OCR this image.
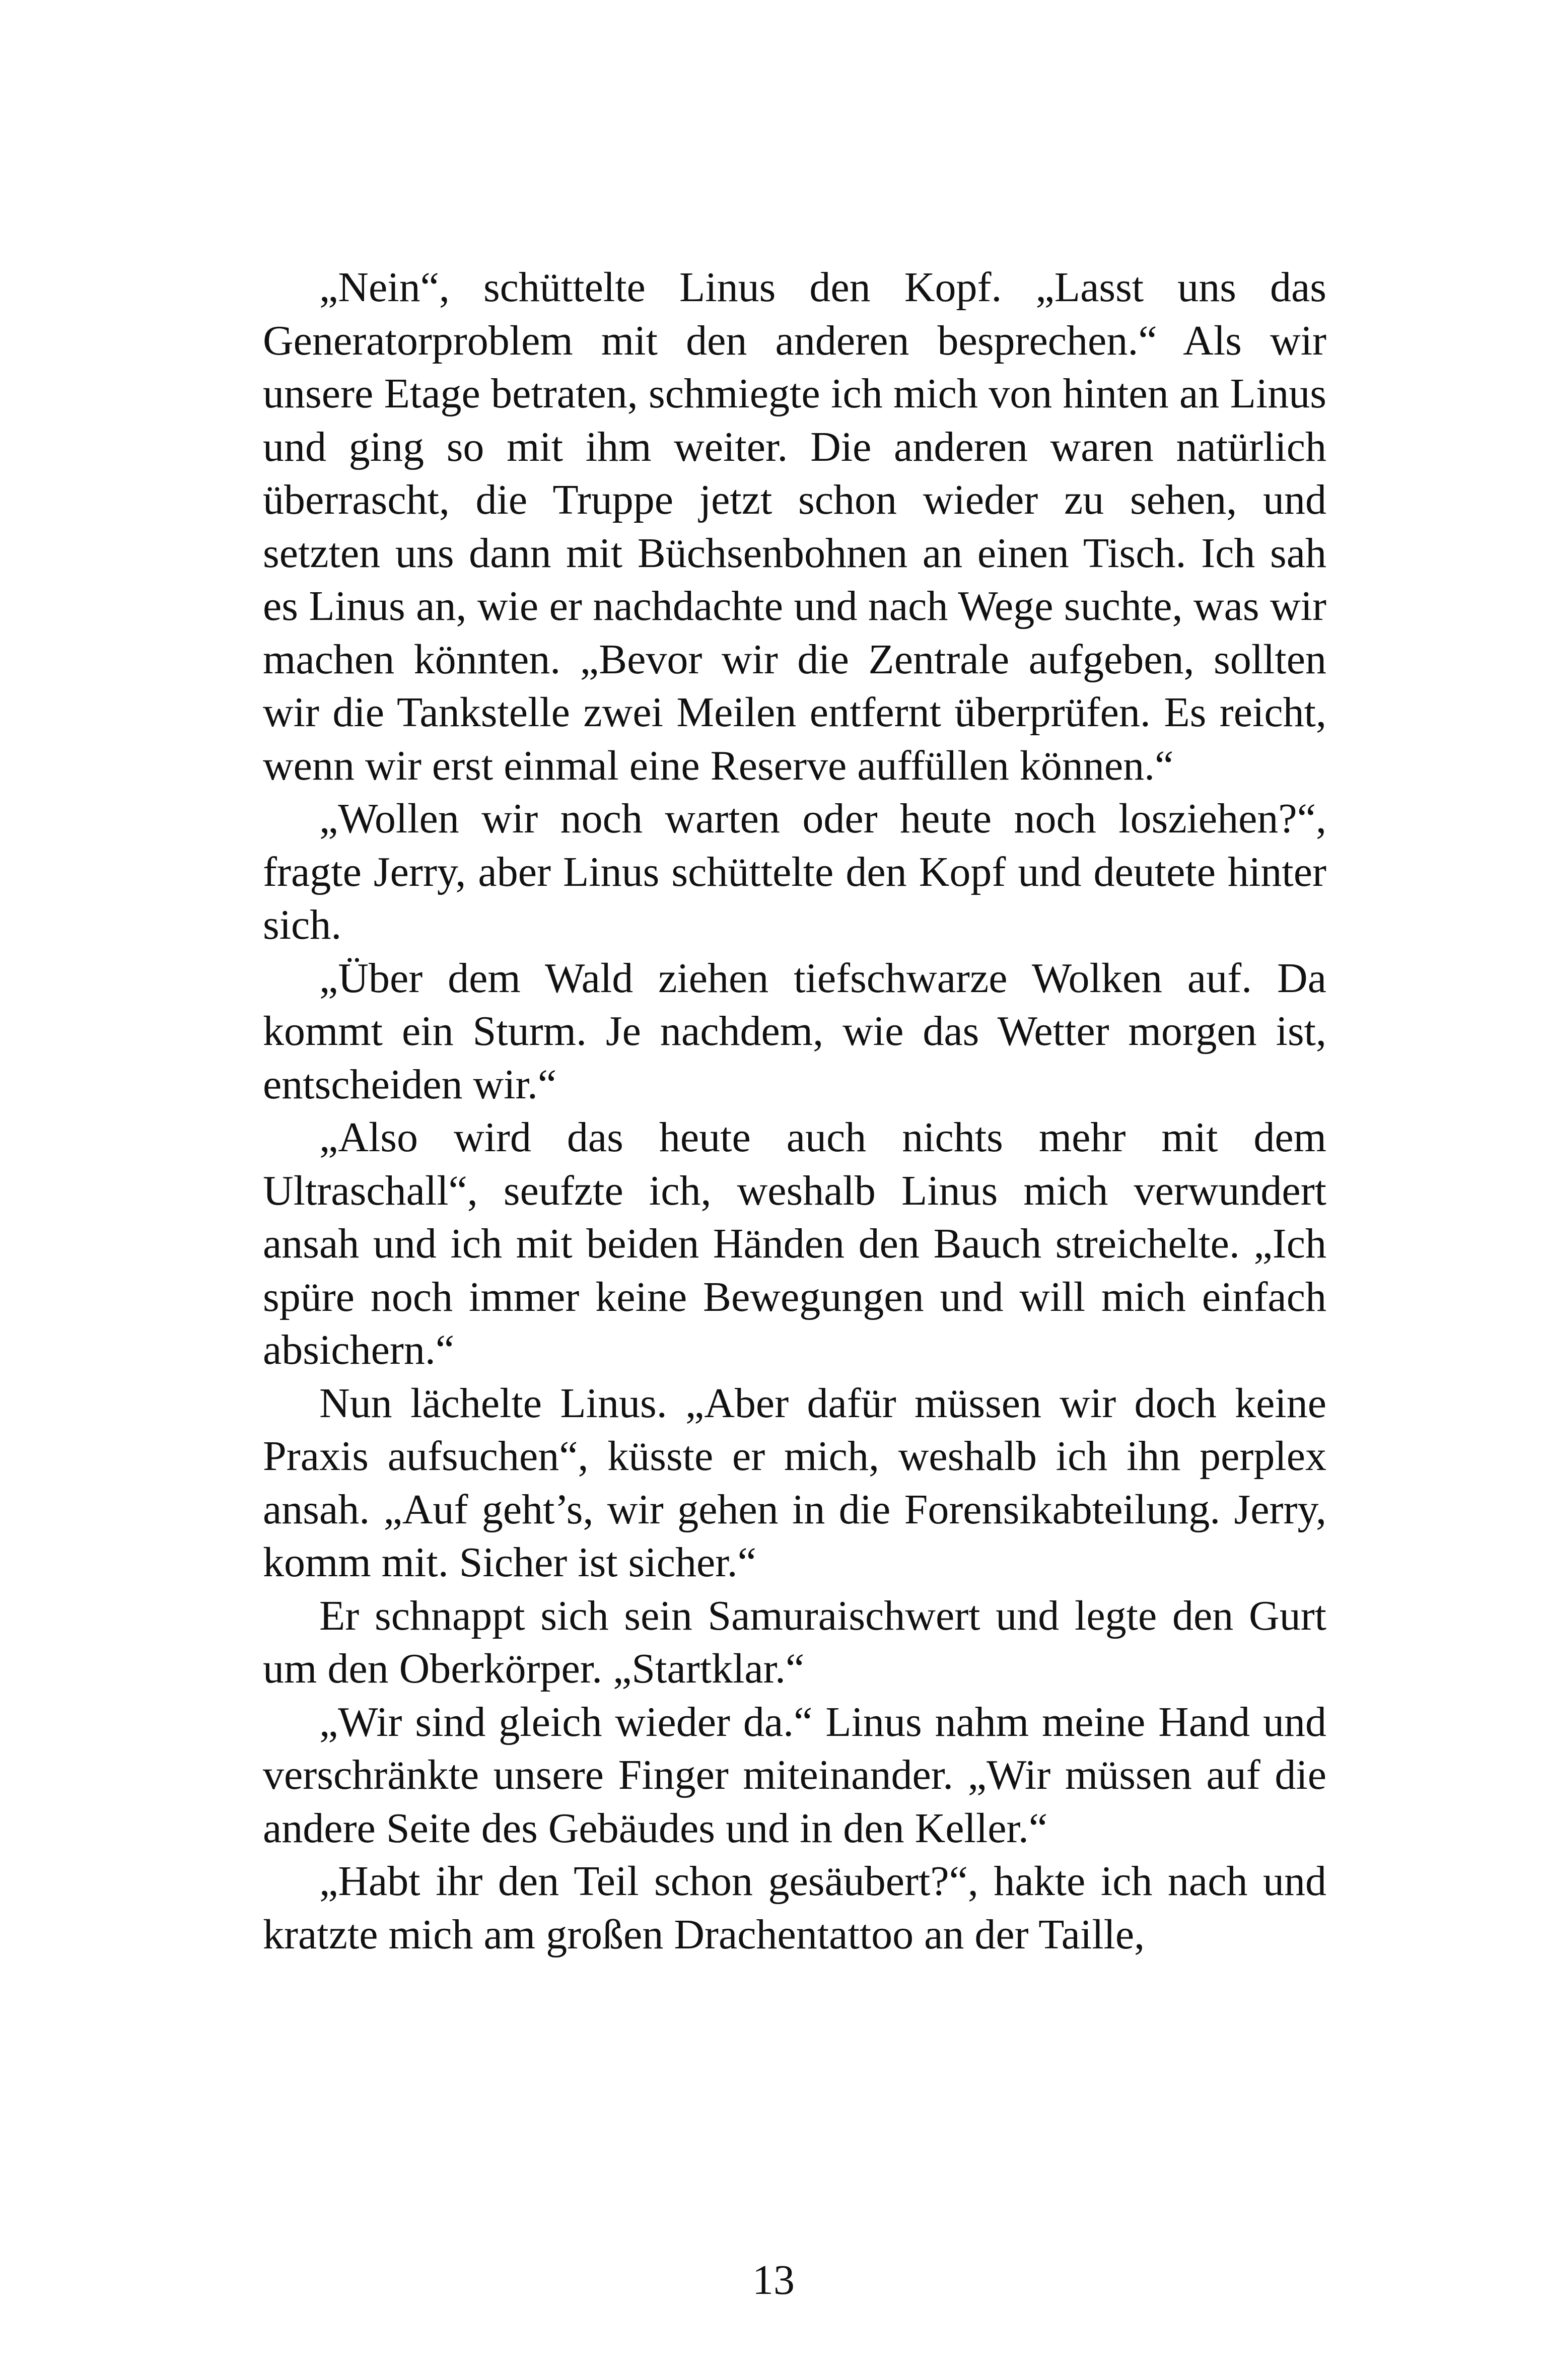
„Nein“, schüttelte Linus den Kopf. „Lasst uns das Generatorproblem mit den anderen besprechen.“ Als wir unsere Etage betraten, schmiegte ich mich von hinten an Linus und ging so mit ihm weiter. Die anderen waren natürlich überrascht, die Truppe jetzt schon wieder zu sehen, und setzten uns dann mit Büchsenbohnen an einen Tisch. Ich sah es Linus an, wie er nachdachte und nach Wege suchte, was wir machen könnten. „Bevor wir die Zentrale aufgeben, sollten wir die Tankstelle zwei Meilen entfernt überprüfen. Es reicht, wenn wir erst einmal eine Reserve auffüllen können.“

„Wollen wir noch warten oder heute noch losziehen?“, fragte Jerry, aber Linus schüttelte den Kopf und deutete hinter sich.

„Über dem Wald ziehen tiefschwarze Wolken auf. Da kommt ein Sturm. Je nachdem, wie das Wetter morgen ist, entscheiden wir.“

„Also wird das heute auch nichts mehr mit dem Ultraschall“, seufzte ich, weshalb Linus mich verwundert ansah und ich mit beiden Händen den Bauch streichelte. „Ich spüre noch immer keine Bewegungen und will mich einfach absichern.“

Nun lächelte Linus. „Aber dafür müssen wir doch keine Praxis aufsuchen“, küsste er mich, weshalb ich ihn perplex ansah. „Auf geht’s, wir gehen in die Forensikabteilung. Jerry, komm mit. Sicher ist sicher.“

Er schnappt sich sein Samuraischwert und legte den Gurt um den Oberkörper. „Startklar.“

„Wir sind gleich wieder da.“ Linus nahm meine Hand und verschränkte unsere Finger miteinander. „Wir müssen auf die andere Seite des Gebäudes und in den Keller.“

„Habt ihr den Teil schon gesäubert?“, hakte ich nach und kratzte mich am großen Drachentattoo an der Taille,

13
